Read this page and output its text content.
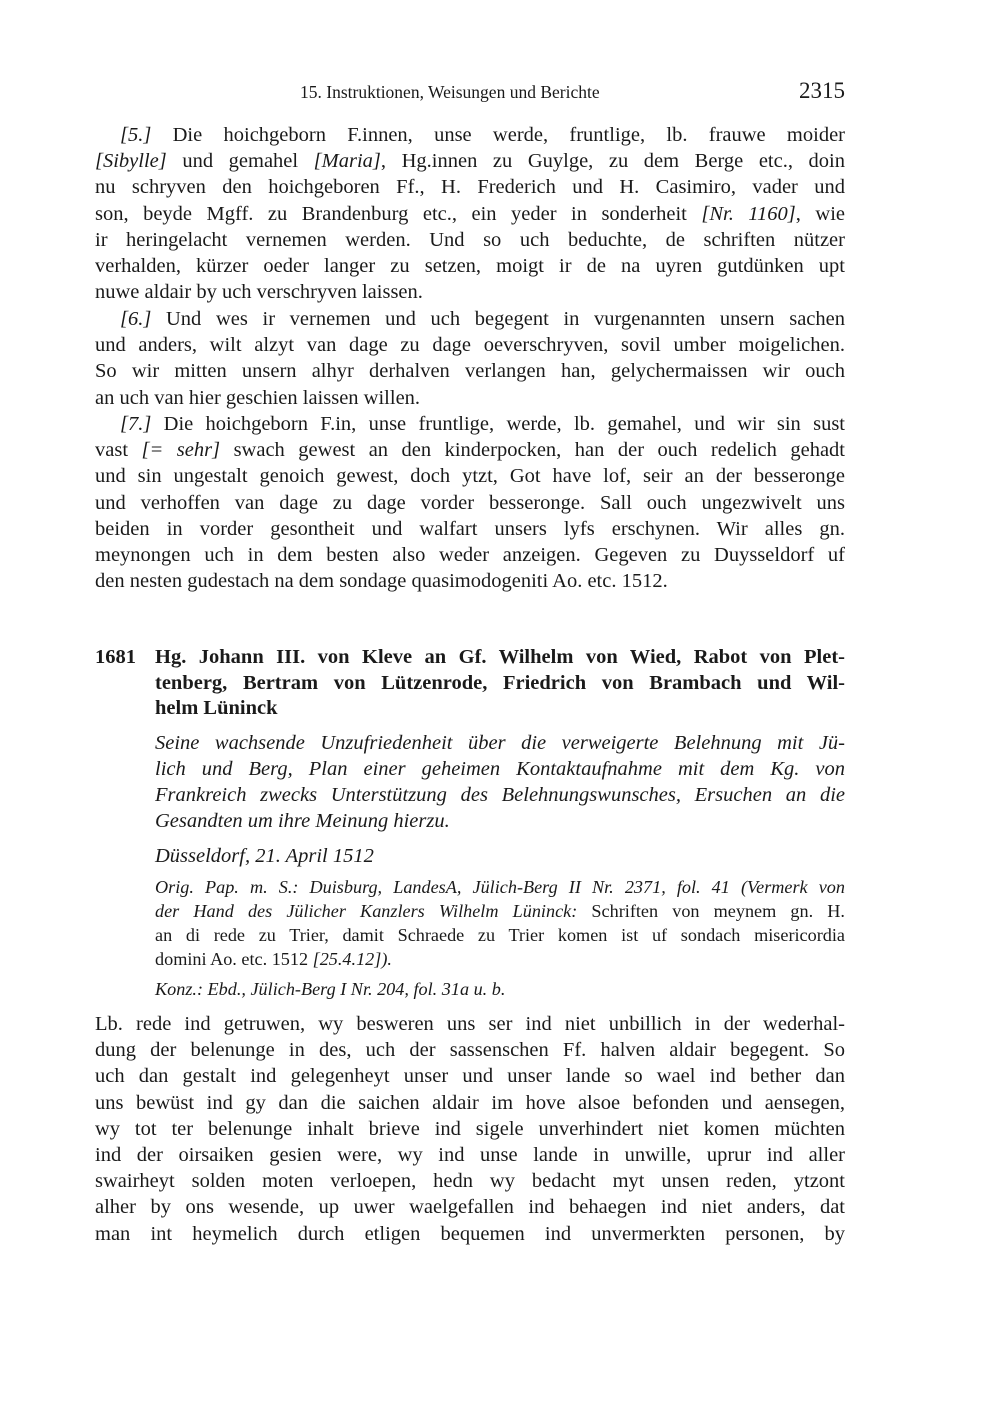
15. Instruktionen, Weisungen und Berichte	2315
[5.] Die hoichgeborn F.innen, unse werde, fruntlige, lb. frauwe moider
[Sibylle] und gemahel [Maria], Hg.innen zu Guylge, zu dem Berge etc., doin
nu schryven den hoichgeboren Ff., H. Frederich und H. Casimiro, vader und
son, beyde Mgff. zu Brandenburg etc., ein yeder in sonderheit [Nr. 1160], wie
ir heringelacht vernemen werden. Und so uch beduchte, de schriften nützer
verhalden, kürzer oeder langer zu setzen, moigt ir de na uyren gutdünken upt
nuwe aldair by uch verschryven laissen.
[6.] Und wes ir vernemen und uch begegent in vurgenannten unsern sachen
und anders, wilt alzyt van dage zu dage oeverschryven, sovil umber moigelichen.
So wir mitten unsern alhyr derhalven verlangen han, gelychermaissen wir ouch
an uch van hier geschien laissen willen.
[7.] Die hoichgeborn F.in, unse fruntlige, werde, lb. gemahel, und wir sin sust
vast [= sehr] swach gewest an den kinderpocken, han der ouch redelich gehadt
und sin ungestalt genoich gewest, doch ytzt, Got have lof, seir an der besseronge
und verhoffen van dage zu dage vorder besseronge. Sall ouch ungezwivelt uns
beiden in vorder gesontheit und walfart unsers lyfs erschynen. Wir alles gn.
meynongen uch in dem besten also weder anzeigen. Gegeven zu Duysseldorf uf
den nesten gudestach na dem sondage quasimodogeniti Ao. etc. 1512.
1681 Hg. Johann III. von Kleve an Gf. Wilhelm von Wied, Rabot von Plet-
tenberg, Bertram von Lützenrode, Friedrich von Brambach und Wil-
helm Lüninck
Seine wachsende Unzufriedenheit über die verweigerte Belehnung mit Jü-
lich und Berg, Plan einer geheimen Kontaktaufnahme mit dem Kg. von
Frankreich zwecks Unterstützung des Belehnungswunsches, Ersuchen an die
Gesandten um ihre Meinung hierzu.
Düsseldorf, 21. April 1512
Orig. Pap. m. S.: Duisburg, LandesA, Jülich-Berg II Nr. 2371, fol. 41 (Vermerk von
der Hand des Jülicher Kanzlers Wilhelm Lüninck: Schriften von meynem gn. H.
an di rede zu Trier, damit Schraede zu Trier komen ist uf sondach misericordia
domini Ao. etc. 1512 [25.4.12]).
Konz.: Ebd., Jülich-Berg I Nr. 204, fol. 31a u. b.
Lb. rede ind getruwen, wy besweren uns ser ind niet unbillich in der wederhal-
dung der belenunge in des, uch der sassenschen Ff. halven aldair begegent. So
uch dan gestalt ind gelegenheyt unser und unser lande so wael ind bether dan
uns bewüst ind gy dan die saichen aldair im hove alsoe befonden und aensegen,
wy tot ter belenunge inhalt brieve ind sigele unverhindert niet komen müchten
ind der oirsaiken gesien were, wy ind unse lande in unwille, uprur ind aller
swairheyt solden moten verloepen, hedn wy bedacht myt unsen reden, ytzont
alher by ons wesende, up uwer waelgefallen ind behaegen ind niet anders, dat
man int heymelich durch etligen bequemen ind unvermerkten personen, by
